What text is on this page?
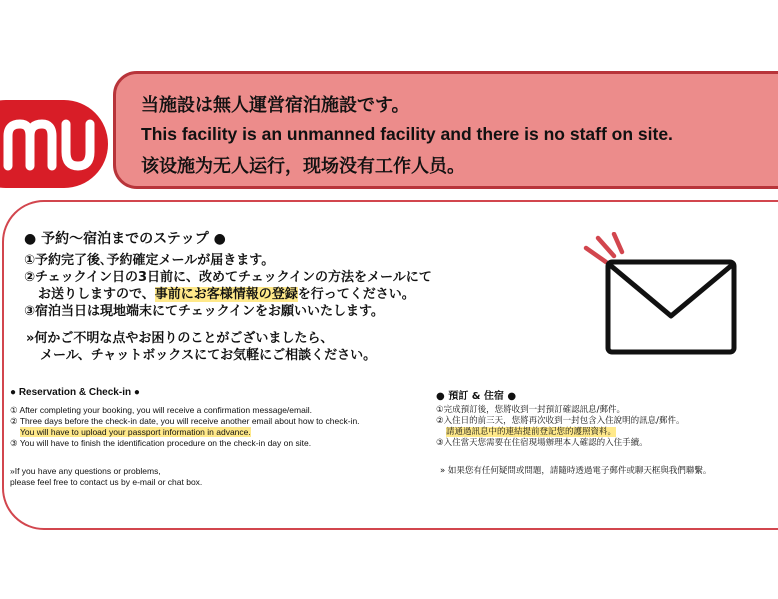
当施設は無人運営宿泊施設です。
This facility is an unmanned facility and there is no staff on site.
该设施为无人运行，现场没有工作人员。
● 予約～宿泊までのステップ ●
①予約完了後､予約確定メールが届きます。
②チェックイン日の3日前に、改めてチェックインの方法をメールにて
お送りしますので、事前にお客様情報の登録を行ってください。
③宿泊当日は現地端末にてチェックインをお願いいたします。
»何かご不明な点やお困りのことがございましたら、
メール、チャットボックスにてお気軽にご相談ください。
● Reservation & Check-in ●
① After completing your booking, you will receive a confirmation message/email.
② Three days before the check-in date, you will receive another email about how to check-in.
You will have to upload your passport information in advance.
③ You will have to finish the identification procedure on the check-in day on site.
»If you have any questions or problems,
please feel free to contact us by e-mail or chat box.
● 預訂 & 住宿 ●
①完成預訂後，您將收到一封預訂確認訊息/郵件。
②入住日的前三天，您將再次收到一封包含入住說明的訊息/郵件。
請通過訊息中的連結提前登記您的護照資料。
③入住當天您需要在住宿現場辦理本人確認的入住手續。
» 如果您有任何疑問或問題，請隨時透過電子郵件或聊天框與我們聯繫。
